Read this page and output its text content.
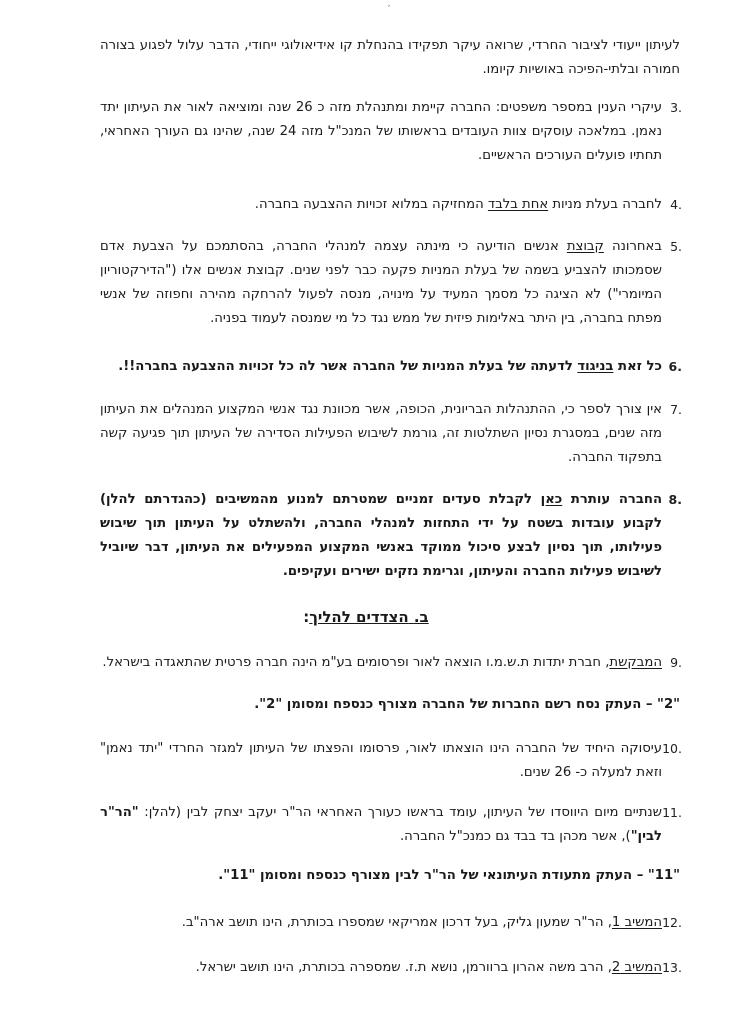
′
לעיתון ייעודי לציבור החרדי, שרואה עיקר תפקידו בהנחלת קו אידיאולוגי ייחודי, הדבר עלול לפגוע בצורה חמורה ובלתי-הפיכה באושיות קיומו.
3.
עיקרי הענין במספר משפטים: החברה קיימת ומתנהלת מזה כ 26 שנה ומוציאה לאור את העיתון יתד נאמן. במלאכה עוסקים צוות העובדים בראשותו של המנכ"ל מזה 24 שנה, שהינו גם העורך האחראי, תחתיו פועלים העורכים הראשיים.
4.
לחברה בעלת מניות אחת בלבד המחזיקה במלוא זכויות ההצבעה בחברה.
5.
באחרונה קבוצת אנשים הודיעה כי מינתה עצמה למנהלי החברה, בהסתמכם על הצבעת אדם שסמכותו להצביע בשמה של בעלת המניות פקעה כבר לפני שנים. קבוצת אנשים אלו ("הדירקטוריון המיומרי") לא הציגה כל מסמך המעיד על מינויה, מנסה לפעול להרחקה מהירה וחפוזה של אנשי מפתח בחברה, בין היתר באלימות פיזית של ממש נגד כל מי שמנסה לעמוד בפניה.
6.
כל זאת בניגוד לדעתה של בעלת המניות של החברה אשר לה כל זכויות ההצבעה בחברה!!.
7.
אין צורך לספר כי, ההתנהלות הבריונית, הכופה, אשר מכוונת נגד אנשי המקצוע המנהלים את העיתון מזה שנים, במסגרת נסיון השתלטות זה, גורמת לשיבוש הפעילות הסדירה של העיתון תוך פגיעה קשה בתפקוד החברה.
8.
החברה עותרת כאן לקבלת סעדים זמניים שמטרתם למנוע מהמשיבים (כהגדרתם להלן) לקבוע עובדות בשטח על ידי התחזות למנהלי החברה, ולהשתלט על העיתון תוך שיבוש פעילותו, תוך נסיון לבצע סיכול ממוקד באנשי המקצוע המפעילים את העיתון, דבר שיוביל לשיבוש פעילות החברה והעיתון, וגרימת נזקים ישירים ועקיפים.
ב. הצדדים להליך:
9.
המבקשת, חברת יתדות ת.ש.מ.ו הוצאה לאור ופרסומים בע"מ הינה חברה פרטית שהתאגדה בישראל.
"2" – העתק נסח רשם החברות של החברה מצורף כנספח ומסומן "2".
10.
עיסוקה היחיד של החברה הינו הוצאתו לאור, פרסומו והפצתו של העיתון למגזר החרדי "יתד נאמן" וזאת למעלה כ- 26 שנים.
11.
שנתיים מיום היווסדו של העיתון, עומד בראשו כעורך האחראי הר"ר יעקב יצחק לבין (להלן: "הר"ר לבין"), אשר מכהן בד בבד גם כמנכ"ל החברה.
"11" – העתק מתעודת העיתונאי של הר"ר לבין מצורף כנספח ומסומן "11".
12.
המשיב 1, הר"ר שמעון גליק, בעל דרכון אמריקאי שמספרו בכותרת, הינו תושב ארה"ב.
13.
המשיב 2, הרב משה אהרון ברוורמן, נושא ת.ז. שמספרה בכותרת, הינו תושב ישראל.
